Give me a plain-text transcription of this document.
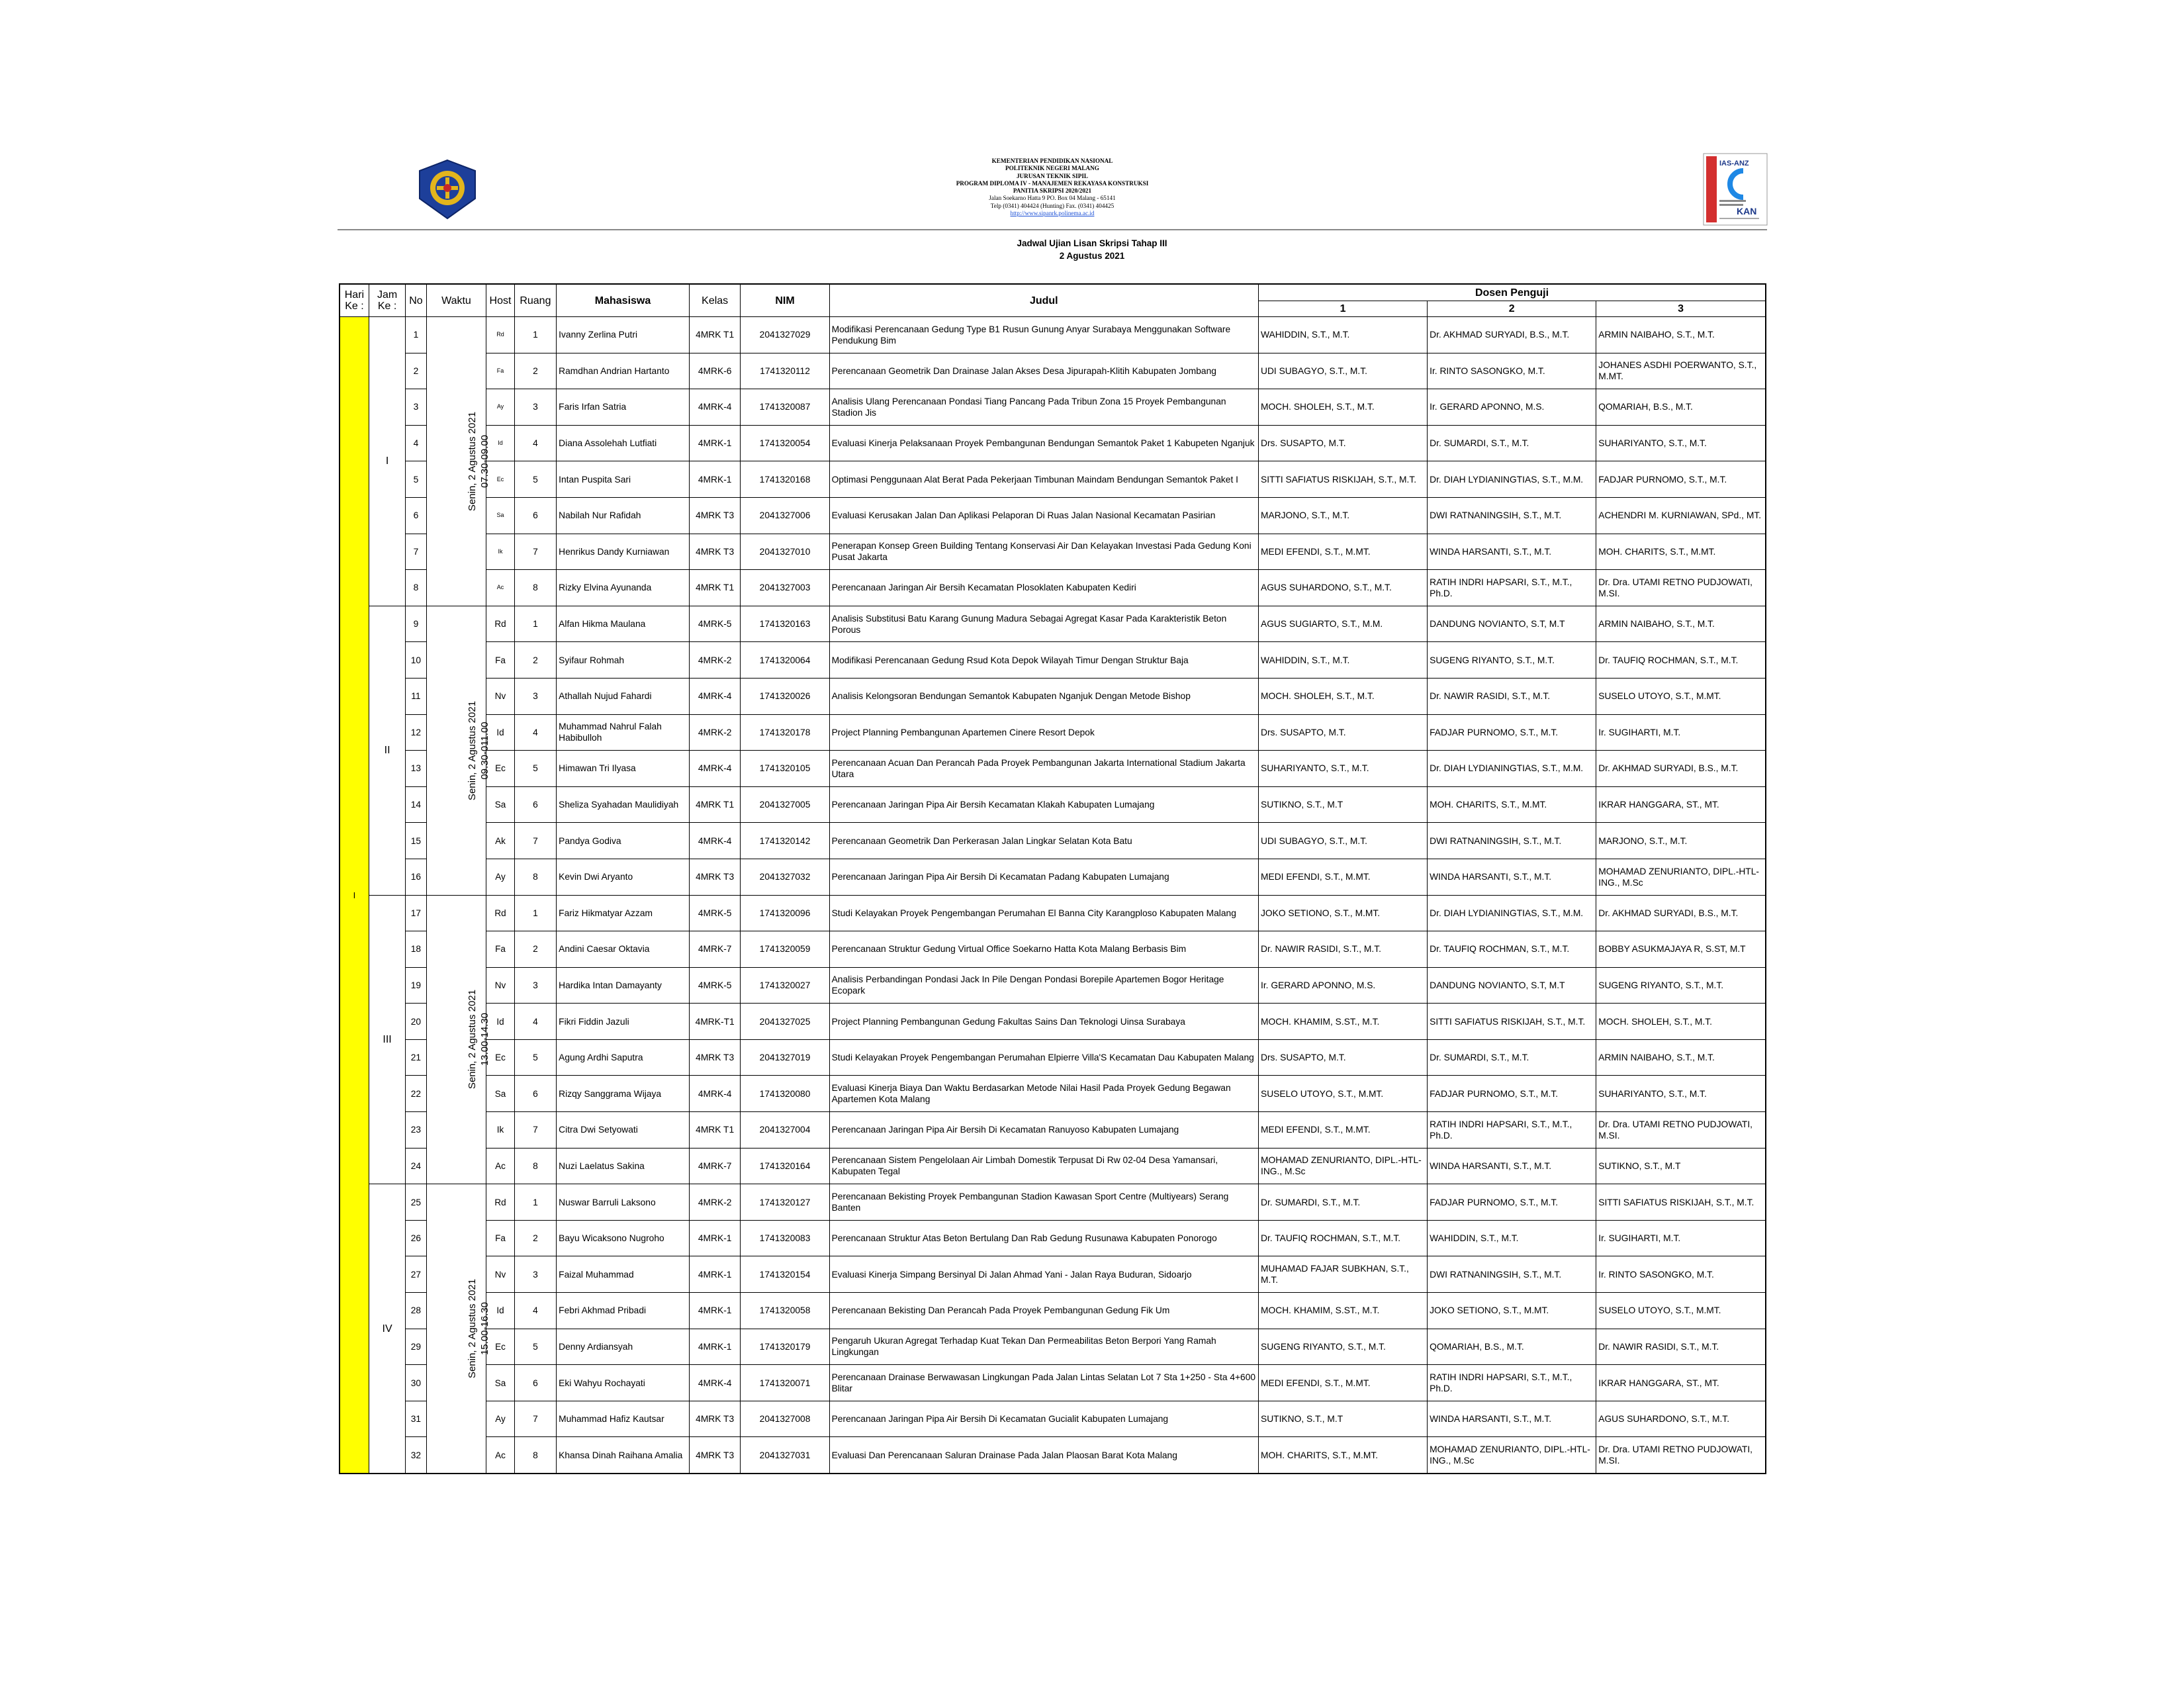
KEMENTERIAN PENDIDIKAN NASIONAL
POLITEKNIK NEGERI MALANG
JURUSAN TEKNIK SIPIL
PROGRAM DIPLOMA IV - MANAJEMEN REKAYASA KONSTRUKSI
PANITIA SKRIPSI 2020/2021
Jalan Soekarno Hatta 9 PO. Box 04 Malang - 65141
Telp (0341) 404424 (Hunting) Fax. (0341) 404425
http://www.sipanrk.polinema.ac.id
IAS-ANZ
KAN
Jadwal Ujian Lisan Skripsi Tahap III
2 Agustus 2021
Hari Ke :	Jam Ke :	No	Waktu	Host	Ruang	Mahasiswa	Kelas	NIM	Judul	Dosen Penguji		
										1	2	3
I	I	1	Senin, 2 Agustus 2021 07.30-09.00	Rd	1	Ivanny Zerlina Putri	4MRK T1	2041327029	Modifikasi Perencanaan Gedung Type B1 Rusun Gunung Anyar Surabaya Menggunakan Software Pendukung Bim	WAHIDDIN, S.T., M.T.	Dr. AKHMAD SURYADI, B.S., M.T.	ARMIN NAIBAHO, S.T., M.T.
		2		Fa	2	Ramdhan Andrian Hartanto	4MRK-6	1741320112	Perencanaan Geometrik Dan Drainase Jalan Akses Desa Jipurapah-Klitih Kabupaten Jombang	UDI SUBAGYO, S.T., M.T.	Ir. RINTO SASONGKO, M.T.	JOHANES ASDHI POERWANTO, S.T., M.MT.
		3		Ay	3	Faris Irfan Satria	4MRK-4	1741320087	Analisis Ulang Perencanaan Pondasi Tiang Pancang Pada Tribun Zona 15 Proyek Pembangunan Stadion Jis	MOCH. SHOLEH, S.T., M.T.	Ir. GERARD APONNO, M.S.	QOMARIAH, B.S., M.T.
		4		Id	4	Diana Assolehah Lutfiati	4MRK-1	1741320054	Evaluasi Kinerja Pelaksanaan Proyek Pembangunan Bendungan Semantok Paket 1 Kabupeten Nganjuk	Drs. SUSAPTO, M.T.	Dr. SUMARDI, S.T., M.T.	SUHARIYANTO, S.T., M.T.
		5		Ec	5	Intan Puspita Sari	4MRK-1	1741320168	Optimasi Penggunaan Alat Berat Pada Pekerjaan Timbunan Maindam Bendungan Semantok Paket I	SITTI SAFIATUS RISKIJAH, S.T., M.T.	Dr. DIAH LYDIANINGTIAS, S.T., M.M.	FADJAR PURNOMO, S.T., M.T.
		6		Sa	6	Nabilah Nur Rafidah	4MRK T3	2041327006	Evaluasi Kerusakan Jalan Dan Aplikasi Pelaporan Di Ruas Jalan Nasional Kecamatan Pasirian	MARJONO, S.T., M.T.	DWI RATNANINGSIH, S.T., M.T.	ACHENDRI M. KURNIAWAN, SPd., MT.
		7		Ik	7	Henrikus Dandy Kurniawan	4MRK T3	2041327010	Penerapan Konsep Green Building Tentang Konservasi Air Dan Kelayakan Investasi Pada Gedung Koni Pusat Jakarta	MEDI EFENDI, S.T., M.MT.	WINDA HARSANTI, S.T., M.T.	MOH. CHARITS, S.T., M.MT.
		8		Ac	8	Rizky Elvina Ayunanda	4MRK T1	2041327003	Perencanaan Jaringan Air Bersih Kecamatan Plosoklaten Kabupaten Kediri	AGUS SUHARDONO, S.T., M.T.	RATIH INDRI HAPSARI, S.T., M.T., Ph.D.	Dr. Dra. UTAMI RETNO PUDJOWATI, M.SI.
	II	9	Senin, 2 Agustus 2021 09.30-011.00	Rd	1	Alfan Hikma Maulana	4MRK-5	1741320163	Analisis Substitusi Batu Karang Gunung Madura Sebagai Agregat Kasar Pada Karakteristik Beton Porous	AGUS SUGIARTO, S.T., M.M.	DANDUNG NOVIANTO, S.T, M.T	ARMIN NAIBAHO, S.T., M.T.
		10		Fa	2	Syifaur Rohmah	4MRK-2	1741320064	Modifikasi Perencanaan Gedung Rsud Kota Depok Wilayah Timur Dengan Struktur Baja	WAHIDDIN, S.T., M.T.	SUGENG RIYANTO, S.T., M.T.	Dr. TAUFIQ ROCHMAN, S.T., M.T.
		11		Nv	3	Athallah Nujud Fahardi	4MRK-4	1741320026	Analisis Kelongsoran Bendungan Semantok Kabupaten Nganjuk Dengan Metode Bishop	MOCH. SHOLEH, S.T., M.T.	Dr. NAWIR RASIDI, S.T., M.T.	SUSELO UTOYO, S.T., M.MT.
		12		Id	4	Muhammad Nahrul Falah Habibulloh	4MRK-2	1741320178	Project Planning Pembangunan Apartemen Cinere Resort Depok	Drs. SUSAPTO, M.T.	FADJAR PURNOMO, S.T., M.T.	Ir. SUGIHARTI, M.T.
		13		Ec	5	Himawan Tri Ilyasa	4MRK-4	1741320105	Perencanaan Acuan Dan Perancah Pada Proyek Pembangunan Jakarta International Stadium Jakarta Utara	SUHARIYANTO, S.T., M.T.	Dr. DIAH LYDIANINGTIAS, S.T., M.M.	Dr. AKHMAD SURYADI, B.S., M.T.
		14		Sa	6	Sheliza Syahadan Maulidiyah	4MRK T1	2041327005	Perencanaan Jaringan Pipa Air Bersih Kecamatan Klakah Kabupaten Lumajang	SUTIKNO, S.T., M.T	MOH. CHARITS, S.T., M.MT.	IKRAR HANGGARA, ST., MT.
		15		Ak	7	Pandya Godiva	4MRK-4	1741320142	Perencanaan Geometrik Dan Perkerasan Jalan Lingkar Selatan Kota Batu	UDI SUBAGYO, S.T., M.T.	DWI RATNANINGSIH, S.T., M.T.	MARJONO, S.T., M.T.
		16		Ay	8	Kevin Dwi Aryanto	4MRK T3	2041327032	Perencanaan Jaringan Pipa Air Bersih Di Kecamatan Padang Kabupaten Lumajang	MEDI EFENDI, S.T., M.MT.	WINDA HARSANTI, S.T., M.T.	MOHAMAD ZENURIANTO, DIPL.-HTL-ING., M.Sc
	III	17	Senin, 2 Agustus 2021 13.00-14.30	Rd	1	Fariz Hikmatyar Azzam	4MRK-5	1741320096	Studi Kelayakan Proyek Pengembangan Perumahan El Banna City Karangploso Kabupaten Malang	JOKO SETIONO, S.T., M.MT.	Dr. DIAH LYDIANINGTIAS, S.T., M.M.	Dr. AKHMAD SURYADI, B.S., M.T.
		18		Fa	2	Andini Caesar Oktavia	4MRK-7	1741320059	Perencanaan Struktur Gedung Virtual Office Soekarno Hatta Kota Malang Berbasis Bim	Dr. NAWIR RASIDI, S.T., M.T.	Dr. TAUFIQ ROCHMAN, S.T., M.T.	BOBBY ASUKMAJAYA R, S.ST, M.T
		19		Nv	3	Hardika Intan Damayanty	4MRK-5	1741320027	Analisis Perbandingan Pondasi Jack In Pile Dengan Pondasi Borepile Apartemen Bogor Heritage Ecopark	Ir. GERARD APONNO, M.S.	DANDUNG NOVIANTO, S.T, M.T	SUGENG RIYANTO, S.T., M.T.
		20		Id	4	Fikri Fiddin Jazuli	4MRK-T1	2041327025	Project Planning Pembangunan Gedung Fakultas Sains Dan Teknologi Uinsa Surabaya	MOCH. KHAMIM, S.ST., M.T.	SITTI SAFIATUS RISKIJAH, S.T., M.T.	MOCH. SHOLEH, S.T., M.T.
		21		Ec	5	Agung Ardhi Saputra	4MRK T3	2041327019	Studi Kelayakan Proyek Pengembangan Perumahan Elpierre Villa'S Kecamatan Dau Kabupaten Malang	Drs. SUSAPTO, M.T.	Dr. SUMARDI, S.T., M.T.	ARMIN NAIBAHO, S.T., M.T.
		22		Sa	6	Rizqy Sanggrama Wijaya	4MRK-4	1741320080	Evaluasi Kinerja Biaya Dan Waktu Berdasarkan Metode Nilai Hasil Pada Proyek Gedung Begawan Apartemen Kota Malang	SUSELO UTOYO, S.T., M.MT.	FADJAR PURNOMO, S.T., M.T.	SUHARIYANTO, S.T., M.T.
		23		Ik	7	Citra Dwi Setyowati	4MRK T1	2041327004	Perencanaan Jaringan Pipa Air Bersih Di Kecamatan Ranuyoso Kabupaten Lumajang	MEDI EFENDI, S.T., M.MT.	RATIH INDRI HAPSARI, S.T., M.T., Ph.D.	Dr. Dra. UTAMI RETNO PUDJOWATI, M.SI.
		24		Ac	8	Nuzi Laelatus Sakina	4MRK-7	1741320164	Perencanaan Sistem Pengelolaan Air Limbah Domestik Terpusat Di Rw 02-04 Desa Yamansari, Kabupaten Tegal	MOHAMAD ZENURIANTO, DIPL.-HTL-ING., M.Sc	WINDA HARSANTI, S.T., M.T.	SUTIKNO, S.T., M.T
	IV	25	Senin, 2 Agustus 2021 15.00-16.30	Rd	1	Nuswar Barruli Laksono	4MRK-2	1741320127	Perencanaan Bekisting Proyek Pembangunan Stadion Kawasan Sport Centre (Multiyears) Serang Banten	Dr. SUMARDI, S.T., M.T.	FADJAR PURNOMO, S.T., M.T.	SITTI SAFIATUS RISKIJAH, S.T., M.T.
		26		Fa	2	Bayu Wicaksono Nugroho	4MRK-1	1741320083	Perencanaan Struktur Atas Beton Bertulang Dan Rab Gedung Rusunawa Kabupaten Ponorogo	Dr. TAUFIQ ROCHMAN, S.T., M.T.	WAHIDDIN, S.T., M.T.	Ir. SUGIHARTI, M.T.
		27		Nv	3	Faizal Muhammad	4MRK-1	1741320154	Evaluasi Kinerja Simpang Bersinyal Di Jalan Ahmad Yani - Jalan Raya Buduran, Sidoarjo	MUHAMAD FAJAR SUBKHAN, S.T., M.T.	DWI RATNANINGSIH, S.T., M.T.	Ir. RINTO SASONGKO, M.T.
		28		Id	4	Febri Akhmad Pribadi	4MRK-1	1741320058	Perencanaan Bekisting Dan Perancah Pada Proyek Pembangunan Gedung Fik Um	MOCH. KHAMIM, S.ST., M.T.	JOKO SETIONO, S.T., M.MT.	SUSELO UTOYO, S.T., M.MT.
		29		Ec	5	Denny Ardiansyah	4MRK-1	1741320179	Pengaruh Ukuran Agregat Terhadap Kuat Tekan Dan Permeabilitas Beton Berpori Yang Ramah Lingkungan	SUGENG RIYANTO, S.T., M.T.	QOMARIAH, B.S., M.T.	Dr. NAWIR RASIDI, S.T., M.T.
		30		Sa	6	Eki Wahyu Rochayati	4MRK-4	1741320071	Perencanaan Drainase Berwawasan Lingkungan Pada Jalan Lintas Selatan Lot 7 Sta 1+250 - Sta 4+600 Blitar	MEDI EFENDI, S.T., M.MT.	RATIH INDRI HAPSARI, S.T., M.T., Ph.D.	IKRAR HANGGARA, ST., MT.
		31		Ay	7	Muhammad Hafiz Kautsar	4MRK T3	2041327008	Perencanaan Jaringan Pipa Air Bersih Di Kecamatan Gucialit Kabupaten Lumajang	SUTIKNO, S.T., M.T	WINDA HARSANTI, S.T., M.T.	AGUS SUHARDONO, S.T., M.T.
		32		Ac	8	Khansa Dinah Raihana Amalia	4MRK T3	2041327031	Evaluasi Dan Perencanaan Saluran Drainase Pada Jalan Plaosan Barat Kota Malang	MOH. CHARITS, S.T., M.MT.	MOHAMAD ZENURIANTO, DIPL.-HTL-ING., M.Sc	Dr. Dra. UTAMI RETNO PUDJOWATI, M.SI.
